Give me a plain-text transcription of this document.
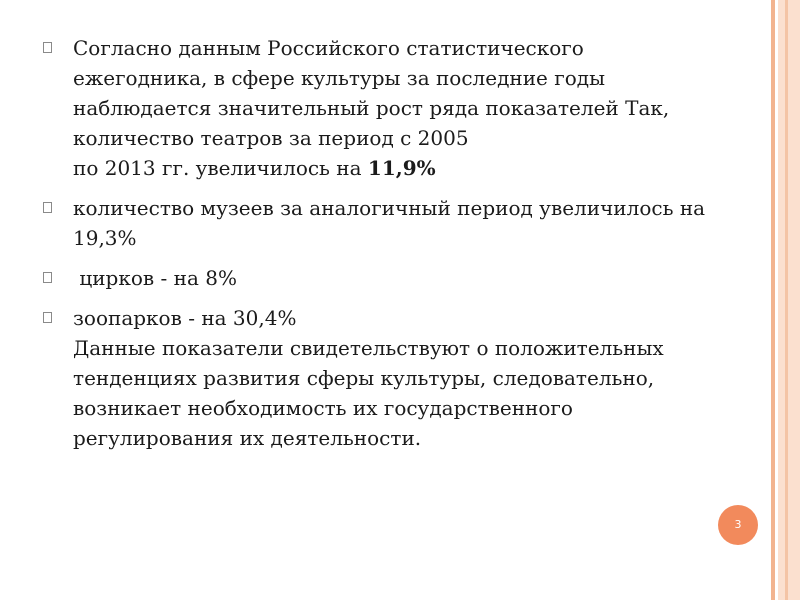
Согласно данным Российского статистического
ежегодника, в сфере культуры за последние годы
наблюдается значительный рост ряда показателей Так,
количество театров за период с 2005
по 2013 гг. увеличилось на 11,9%
количество музеев за аналогичный период увеличилось на
19,3%
цирков - на 8%
зоопарков - на 30,4%
Данные показатели свидетельствуют о положительных
тенденциях развития сферы культуры, следовательно,
возникает необходимость их государственного
регулирования их деятельности.
3
